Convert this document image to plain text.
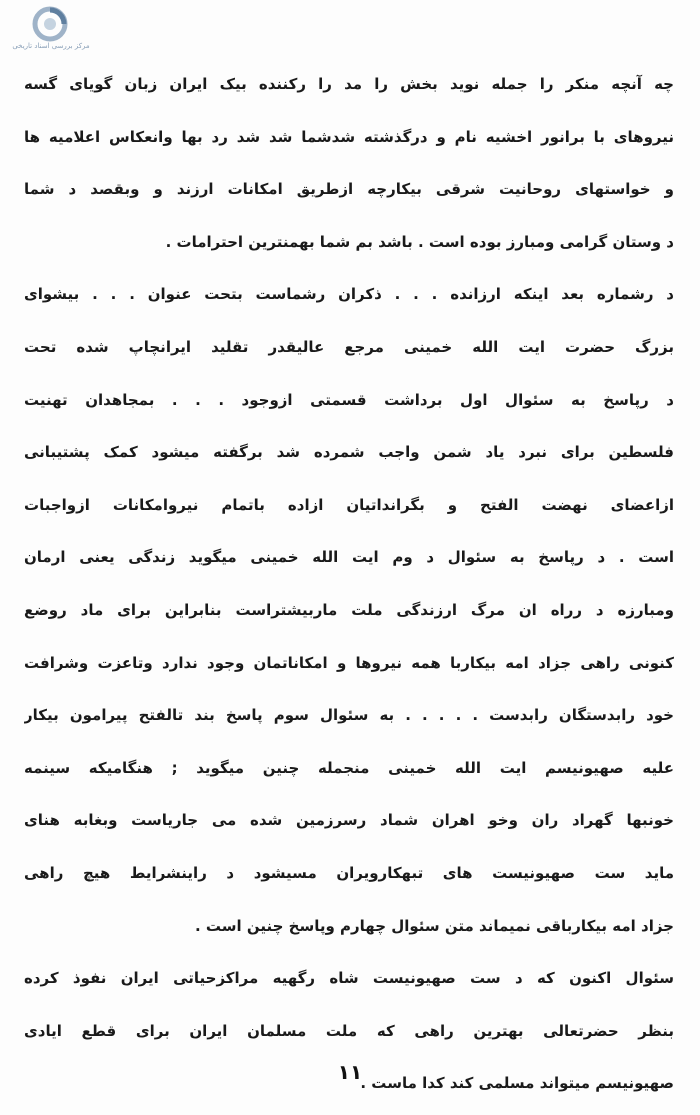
مرکز بررسی اسناد تاریخی
چه آنچه منکر را جمله نوید بخش را مد را رکننده بیک ایران زبان گویای گسه
نیروهای با برانور اخشیه نام و درگذشته شدشما شد شد رد بها وانعکاس اعلامیه ها
و خواستهای روحانیت شرقی بیکارچه ازطریق امکانات ارزند و وبقصد د شما
د وستان گرامی ومبارز بوده است . باشد بم شما بهمنترین احترامات .
د رشماره بعد اینکه ارزانده . . . ذکران رشماست بتحت عنوان . . . بیشوای
بزرگ حضرت ایت الله خمینی مرجع عالیقدر تقلید ایرانچاپ شده تحت
د رپاسخ به سئوال اول برداشت قسمتی ازوجود . . . بمجاهدان تهنیت
فلسطین برای نبرد یاد شمن واجب شمرده شد برگفته میشود کمک پشتیبانی
ازاعضای نهضت الفتح و بگرانداتیان ازاده باتمام نیروامکانات ازواجبات
است . د رپاسخ به سئوال د وم ایت الله خمینی میگوید زندگی یعنی ارمان
ومبارزه د رراه ان مرگ ارزندگی ملت ماربیشتراست بنابراین برای ماد روضع
کنونی راهی جزاد امه بیکاربا همه نیروها و امکاناتمان وجود ندارد وتاعزت وشرافت
خود رابدستگان رابدست . . . . . به سئوال سوم پاسخ بند تالفتح پیرامون بیکار
علیه صهیونیسم ایت الله خمینی منجمله چنین میگوید ; هنگامیکه سینمه
خونبها گهراد ران وخو اهران شماد رسرزمین شده می جاریاست وبغابه هنای
ماید ست صهیونیست های تبهکارویران مسیشود د راینشرایط هیچ راهی
جزاد امه بیکارباقی نمیماند متن سئوال چهارم وپاسخ چنین است .
سئوال اکنون که د ست صهیونیست شاه رگهیه مراکزحیاتی ایران نفوذ کرده
بنظر حضرتعالی بهترین راهی که ملت مسلمان ایران برای قطع ایادی
صهیونیسم میتواند مسلمی کند کدا ماست .
۱۱
